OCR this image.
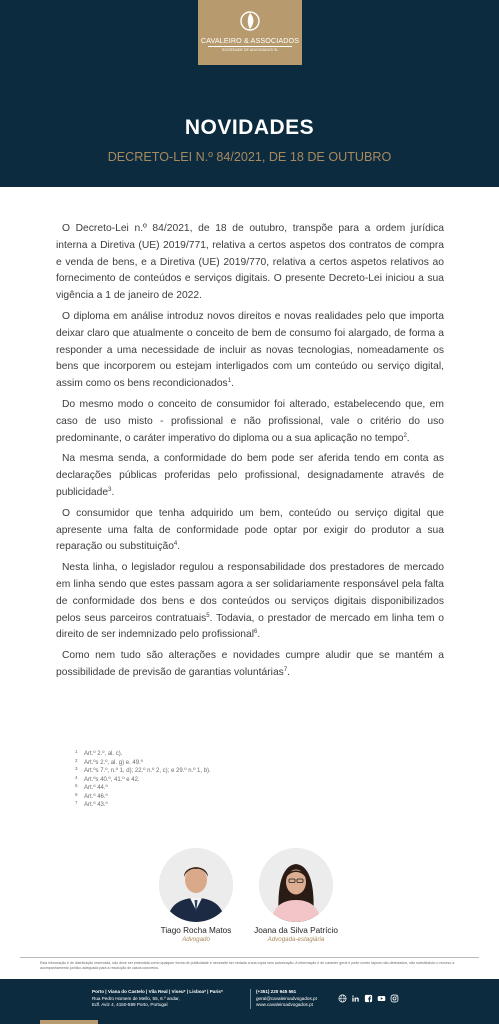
CAVALEIRO & ASSOCIADOS
SOCIEDADE DE ADVOGADOS SL
NOVIDADES
DECRETO-LEI N.º 84/2021, DE 18 DE OUTUBRO

O Decreto-Lei n.º 84/2021, de 18 de outubro, transpõe para a ordem jurídica interna a Diretiva (UE) 2019/771, relativa a certos aspetos dos contratos de compra e venda de bens, e a Diretiva (UE) 2019/770, relativa a certos aspetos relativos ao fornecimento de conteúdos e serviços digitais. O presente Decreto-Lei iniciou a sua vigência a 1 de janeiro de 2022.

O diploma em análise introduz novos direitos e novas realidades pelo que importa deixar claro que atualmente o conceito de bem de consumo foi alargado, de forma a responder a uma necessidade de incluir as novas tecnologias, nomeadamente os bens que incorporem ou estejam interligados com um conteúdo ou serviço digital, assim como os bens recondicionados$^1$.

Do mesmo modo o conceito de consumidor foi alterado, estabelecendo que, em caso de uso misto - profissional e não profissional, vale o critério do uso predominante, o caráter imperativo do diploma ou a sua aplicação no tempo$^2$.

Na mesma senda, a conformidade do bem pode ser aferida tendo em conta as declarações públicas proferidas pelo profissional, designadamente através de publicidade$^3$.

O consumidor que tenha adquirido um bem, conteúdo ou serviço digital que apresente uma falta de conformidade pode optar por exigir do produtor a sua reparação ou substituição$^4$.

Nesta linha, o legislador regulou a responsabilidade dos prestadores de mercado em linha sendo que estes passam agora a ser solidariamente responsável pela falta de conformidade dos bens e dos conteúdos ou serviços digitais disponibilizados pelos seus parceiros contratuais$^5$. Todavia, o prestador de mercado em linha tem o direito de ser indemnizado pelo profissional$^6$.

Como nem tudo são alterações e novidades cumpre aludir que se mantém a possibilidade de previsão de garantias voluntárias$^7$.

1 Art.º 2.º, al. c).
2 Art.ºs 2.º, al. g) e. 49.º
3 Art.ºs 7.º, n.º 1, d); 22.º n.º 2, c); e 29.º n.º 1, b).
4 Art.ºs 40.º, 41.º e 42.
5 Art.º 44.º
6 Art.º 46.º
7 Art.º 43.º
Tiago Rocha Matos
Advogado
Joana da Silva Patrício
Advogada-estagiária
Esta informação é de distribuição reservada, não deve ser entendida como qualquer forma de publicidade e necessite ser vedada a sua cópia sem autorização. A informação é de carácter geral e pode conter lapsos não detectados, não substituindo o recurso a acompanhamento jurídico adequado para a resolução de casos concretos.
Porto | Viana do Castelo | Vila Real | Viseu* | Lisboa* | Paris*
Rua Pedro Homem de Mello, 55, 6.º andar,
Edf. Aviz 4, 4150-599 Porto, Portugal
(+351) 220 945 561
geral@cavaleiroadvogados.pt
www.cavaleiroadvogados.pt
